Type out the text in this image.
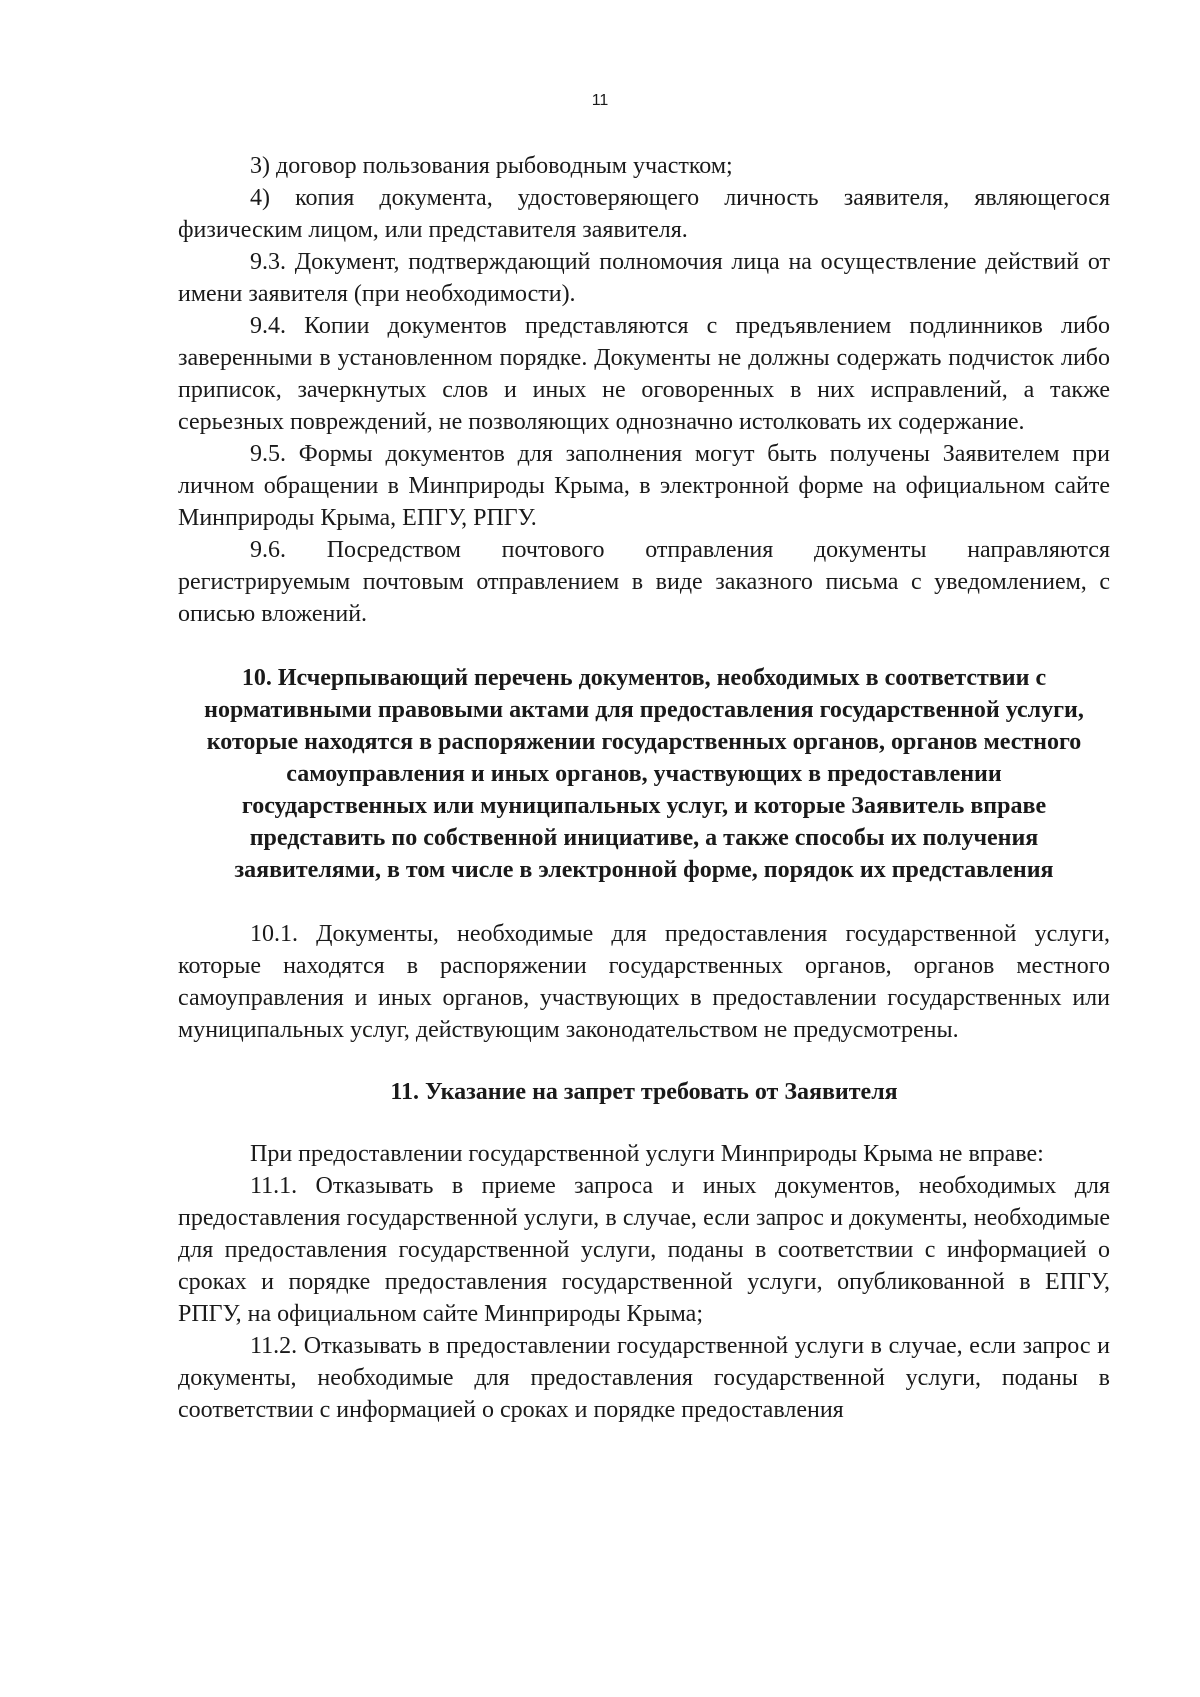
11

3) договор пользования рыбоводным участком;

4) копия документа, удостоверяющего личность заявителя, являющегося физическим лицом, или представителя заявителя.

9.3. Документ, подтверждающий полномочия лица на осуществление действий от имени заявителя (при необходимости).

9.4. Копии документов представляются с предъявлением подлинников либо заверенными в установленном порядке. Документы не должны содержать подчисток либо приписок, зачеркнутых слов и иных не оговоренных в них исправлений, а также серьезных повреждений, не позволяющих однозначно истолковать их содержание.

9.5. Формы документов для заполнения могут быть получены Заявителем при личном обращении в Минприроды Крыма, в электронной форме на официальном сайте Минприроды Крыма, ЕПГУ, РПГУ.

9.6. Посредством почтового отправления документы направляются регистрируемым почтовым отправлением в виде заказного письма с уведомлением, с описью вложений.

10. Исчерпывающий перечень документов, необходимых в соответствии с нормативными правовыми актами для предоставления государственной услуги, которые находятся в распоряжении государственных органов, органов местного самоуправления и иных органов, участвующих в предоставлении государственных или муниципальных услуг, и которые Заявитель вправе представить по собственной инициативе, а также способы их получения заявителями, в том числе в электронной форме, порядок их представления

10.1. Документы, необходимые для предоставления государственной услуги, которые находятся в распоряжении государственных органов, органов местного самоуправления и иных органов, участвующих в предоставлении государственных или муниципальных услуг, действующим законодательством не предусмотрены.

11. Указание на запрет требовать от Заявителя

При предоставлении государственной услуги Минприроды Крыма не вправе:

11.1. Отказывать в приеме запроса и иных документов, необходимых для предоставления государственной услуги, в случае, если запрос и документы, необходимые для предоставления государственной услуги, поданы в соответствии с информацией о сроках и порядке предоставления государственной услуги, опубликованной в ЕПГУ, РПГУ, на официальном сайте Минприроды Крыма;

11.2. Отказывать в предоставлении государственной услуги в случае, если запрос и документы, необходимые для предоставления государственной услуги, поданы в соответствии с информацией о сроках и порядке предоставления
